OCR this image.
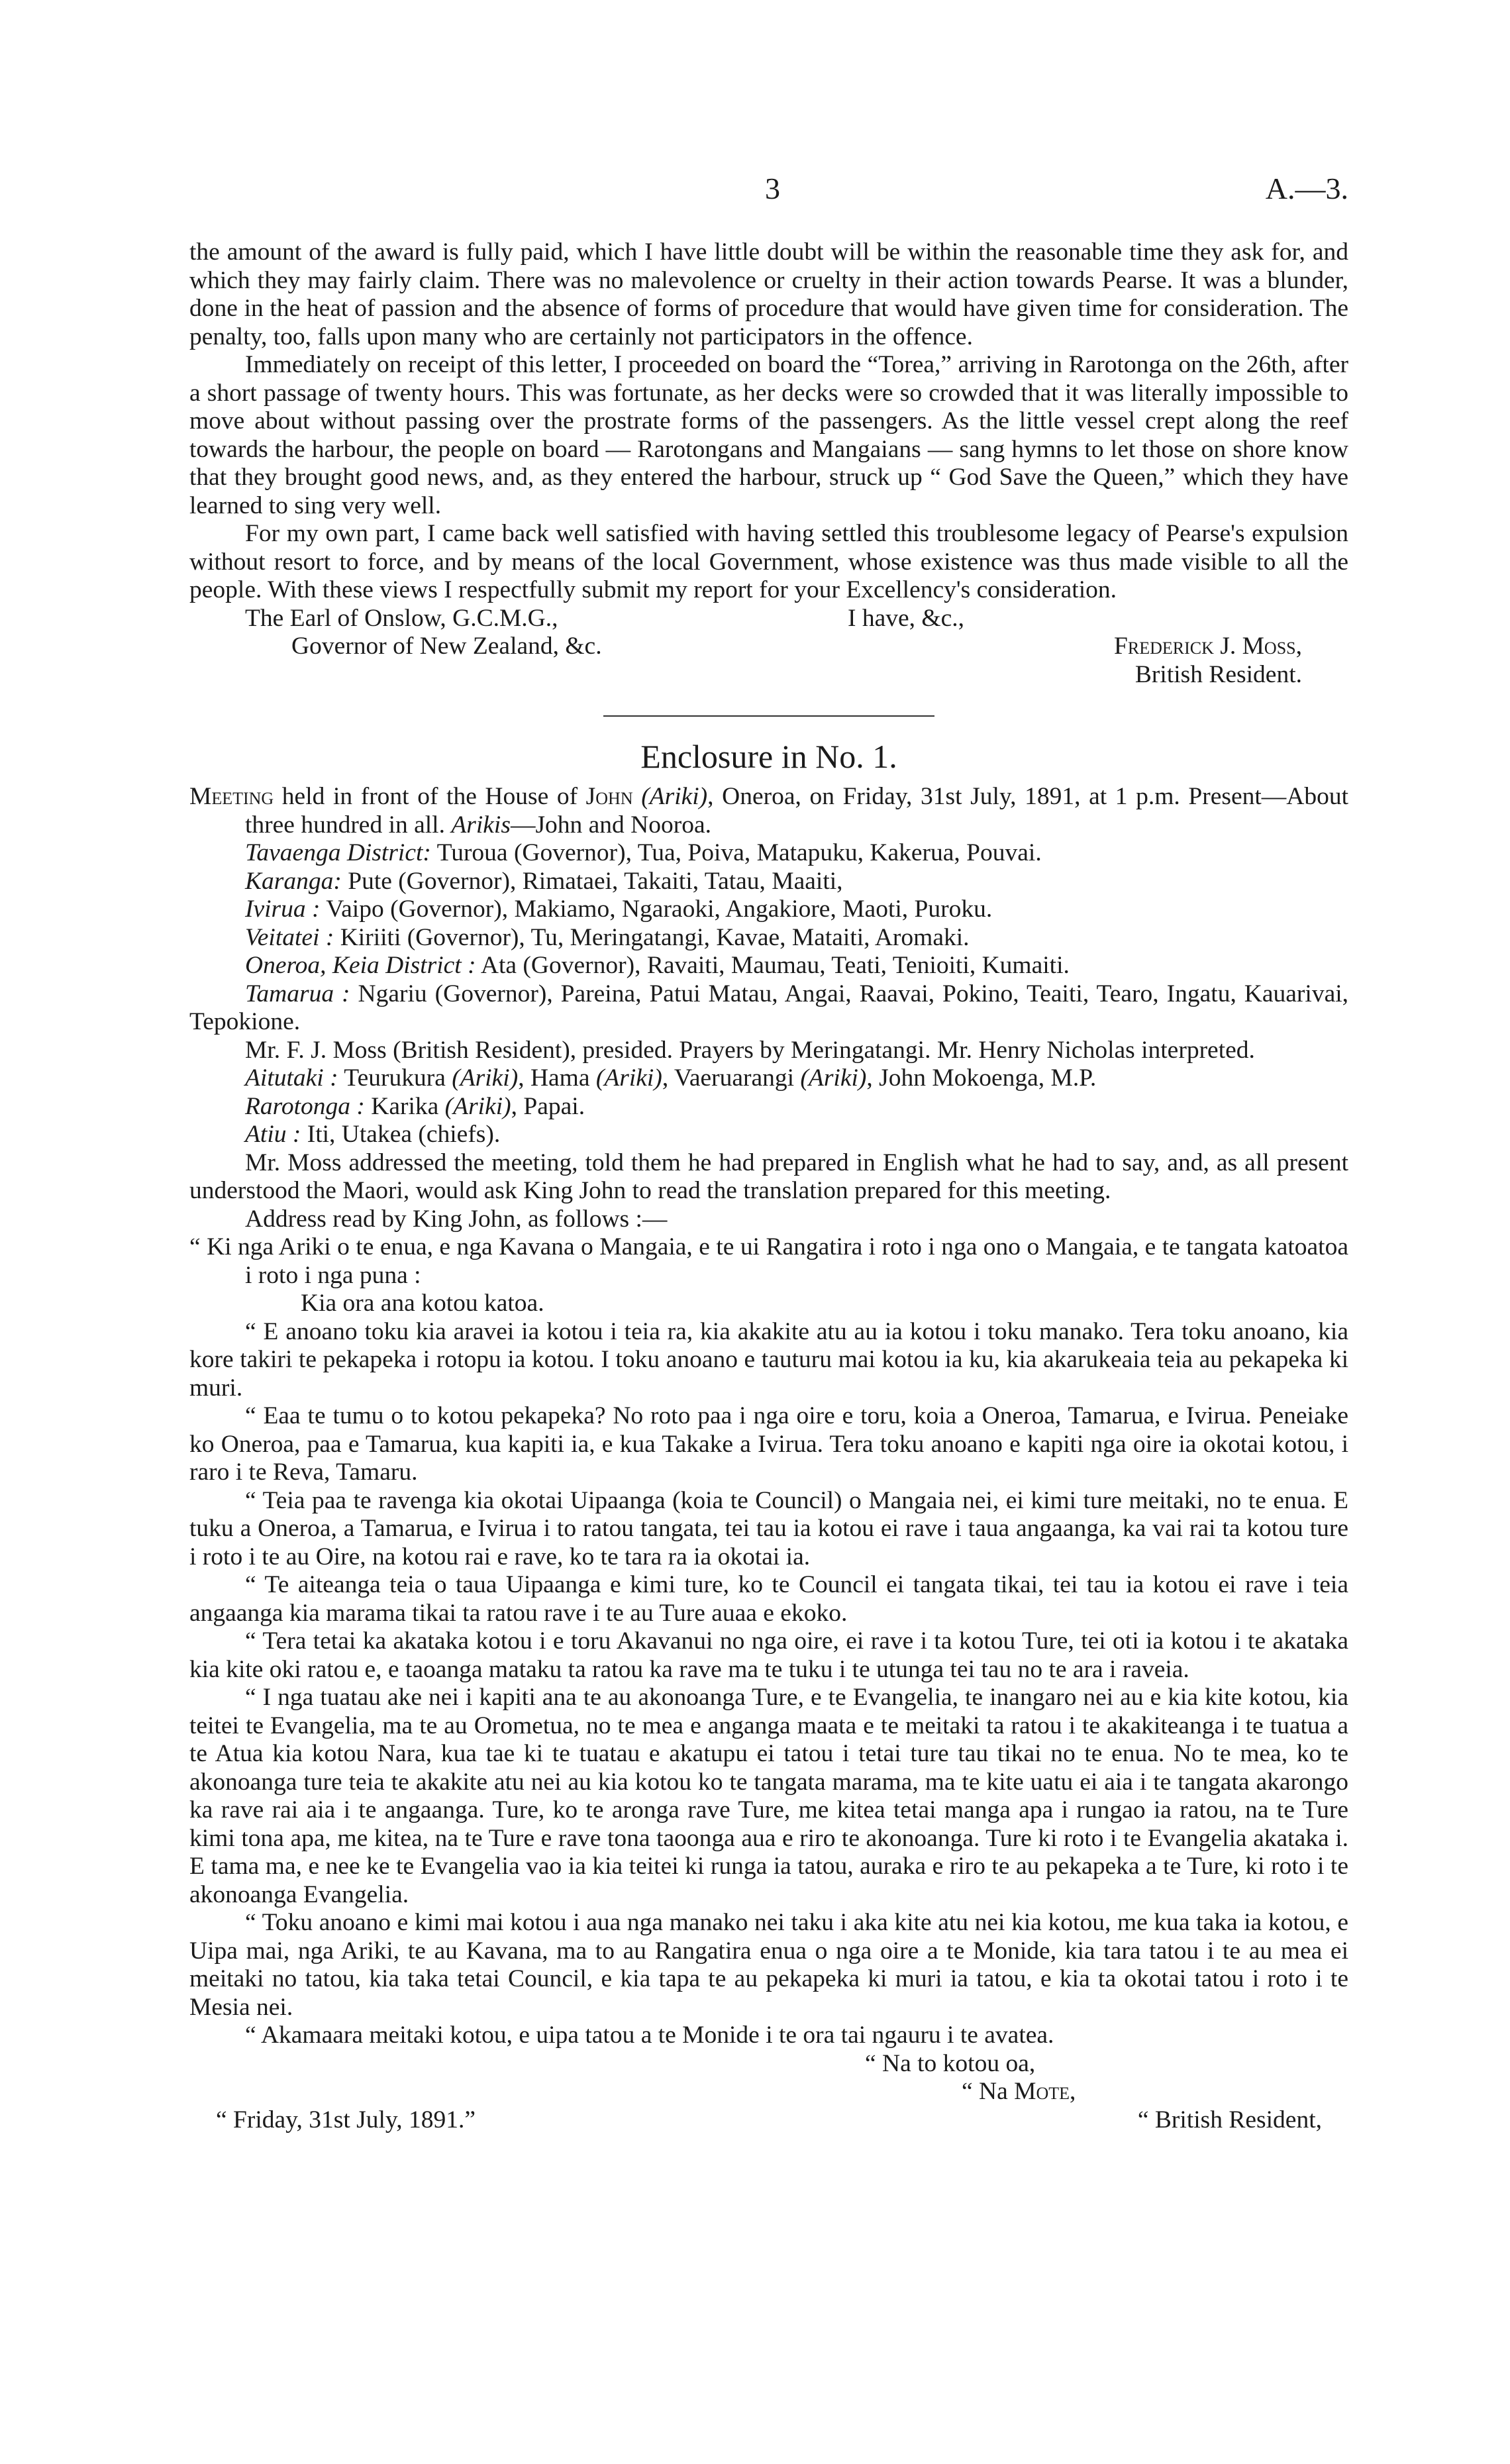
3	A.—3.

the amount of the award is fully paid, which I have little doubt will be within the reasonable time they ask for, and which they may fairly claim. There was no malevolence or cruelty in their action towards Pearse. It was a blunder, done in the heat of passion and the absence of forms of procedure that would have given time for consideration. The penalty, too, falls upon many who are certainly not participators in the offence.

Immediately on receipt of this letter, I proceeded on board the “Torea,” arriving in Rarotonga on the 26th, after a short passage of twenty hours. This was fortunate, as her decks were so crowded that it was literally impossible to move about without passing over the prostrate forms of the passengers. As the little vessel crept along the reef towards the harbour, the people on board — Rarotongans and Mangaians — sang hymns to let those on shore know that they brought good news, and, as they entered the harbour, struck up “ God Save the Queen,” which they have learned to sing very well.

For my own part, I came back well satisfied with having settled this troublesome legacy of Pearse's expulsion without resort to force, and by means of the local Government, whose existence was thus made visible to all the people. With these views I respectfully submit my report for your Excellency's consideration.

The Earl of Onslow, G.C.M.G.,	I have, &c.,
Governor of New Zealand, &c.	Frederick J. Moss,
British Resident.
Enclosure in No. 1.

Meeting held in front of the House of John (Ariki), Oneroa, on Friday, 31st July, 1891, at 1 p.m. Present—About three hundred in all. Arikis—John and Nooroa.

Tavaenga District: Turoua (Governor), Tua, Poiva, Matapuku, Kakerua, Pouvai.

Karanga: Pute (Governor), Rimataei, Takaiti, Tatau, Maaiti,

Ivirua : Vaipo (Governor), Makiamo, Ngaraoki, Angakiore, Maoti, Puroku.

Veitatei : Kiriiti (Governor), Tu, Meringatangi, Kavae, Mataiti, Aromaki.

Oneroa, Keia District : Ata (Governor), Ravaiti, Maumau, Teati, Tenioiti, Kumaiti.

Tamarua : Ngariu (Governor), Pareina, Patui Matau, Angai, Raavai, Pokino, Teaiti, Tearo, Ingatu, Kauarivai, Tepokione.

Mr. F. J. Moss (British Resident), presided. Prayers by Meringatangi. Mr. Henry Nicholas interpreted.

Aitutaki : Teurukura (Ariki), Hama (Ariki), Vaeruarangi (Ariki), John Mokoenga, M.P.

Rarotonga : Karika (Ariki), Papai.

Atiu : Iti, Utakea (chiefs).

Mr. Moss addressed the meeting, told them he had prepared in English what he had to say, and, as all present understood the Maori, would ask King John to read the translation prepared for this meeting.

Address read by King John, as follows :—

“ Ki nga Ariki o te enua, e nga Kavana o Mangaia, e te ui Rangatira i roto i nga ono o Mangaia, e te tangata katoatoa i roto i nga puna :

Kia ora ana kotou katoa.

“ E anoano toku kia aravei ia kotou i teia ra, kia akakite atu au ia kotou i toku manako. Tera toku anoano, kia kore takiri te pekapeka i rotopu ia kotou. I toku anoano e tauturu mai kotou ia ku, kia akarukeaia teia au pekapeka ki muri.

“ Eaa te tumu o to kotou pekapeka? No roto paa i nga oire e toru, koia a Oneroa, Tamarua, e Ivirua. Peneiake ko Oneroa, paa e Tamarua, kua kapiti ia, e kua Takake a Ivirua. Tera toku anoano e kapiti nga oire ia okotai kotou, i raro i te Reva, Tamaru.

“ Teia paa te ravenga kia okotai Uipaanga (koia te Council) o Mangaia nei, ei kimi ture meitaki, no te enua. E tuku a Oneroa, a Tamarua, e Ivirua i to ratou tangata, tei tau ia kotou ei rave i taua angaanga, ka vai rai ta kotou ture i roto i te au Oire, na kotou rai e rave, ko te tara ra ia okotai ia.

“ Te aiteanga teia o taua Uipaanga e kimi ture, ko te Council ei tangata tikai, tei tau ia kotou ei rave i teia angaanga kia marama tikai ta ratou rave i te au Ture auaa e ekoko.

“ Tera tetai ka akataka kotou i e toru Akavanui no nga oire, ei rave i ta kotou Ture, tei oti ia kotou i te akataka kia kite oki ratou e, e taoanga mataku ta ratou ka rave ma te tuku i te utunga tei tau no te ara i raveia.

“ I nga tuatau ake nei i kapiti ana te au akonoanga Ture, e te Evangelia, te inangaro nei au e kia kite kotou, kia teitei te Evangelia, ma te au Orometua, no te mea e anganga maata e te meitaki ta ratou i te akakiteanga i te tuatua a te Atua kia kotou Nara, kua tae ki te tuatau e akatupu ei tatou i tetai ture tau tikai no te enua. No te mea, ko te akonoanga ture teia te akakite atu nei au kia kotou ko te tangata marama, ma te kite uatu ei aia i te tangata akarongo ka rave rai aia i te angaanga. Ture, ko te aronga rave Ture, me kitea tetai manga apa i rungao ia ratou, na te Ture kimi tona apa, me kitea, na te Ture e rave tona taoonga aua e riro te akonoanga. Ture ki roto i te Evangelia akataka i. E tama ma, e nee ke te Evangelia vao ia kia teitei ki runga ia tatou, auraka e riro te au pekapeka a te Ture, ki roto i te akonoanga Evangelia.

“ Toku anoano e kimi mai kotou i aua nga manako nei taku i aka kite atu nei kia kotou, me kua taka ia kotou, e Uipa mai, nga Ariki, te au Kavana, ma to au Rangatira enua o nga oire a te Monide, kia tara tatou i te au mea ei meitaki no tatou, kia taka tetai Council, e kia tapa te au pekapeka ki muri ia tatou, e kia ta okotai tatou i roto i te Mesia nei.

“ Akamaara meitaki kotou, e uipa tatou a te Monide i te ora tai ngauru i te avatea.

“ Na to kotou oa,

“ Na Mote,

“ Friday, 31st July, 1891.”	“ British Resident,
